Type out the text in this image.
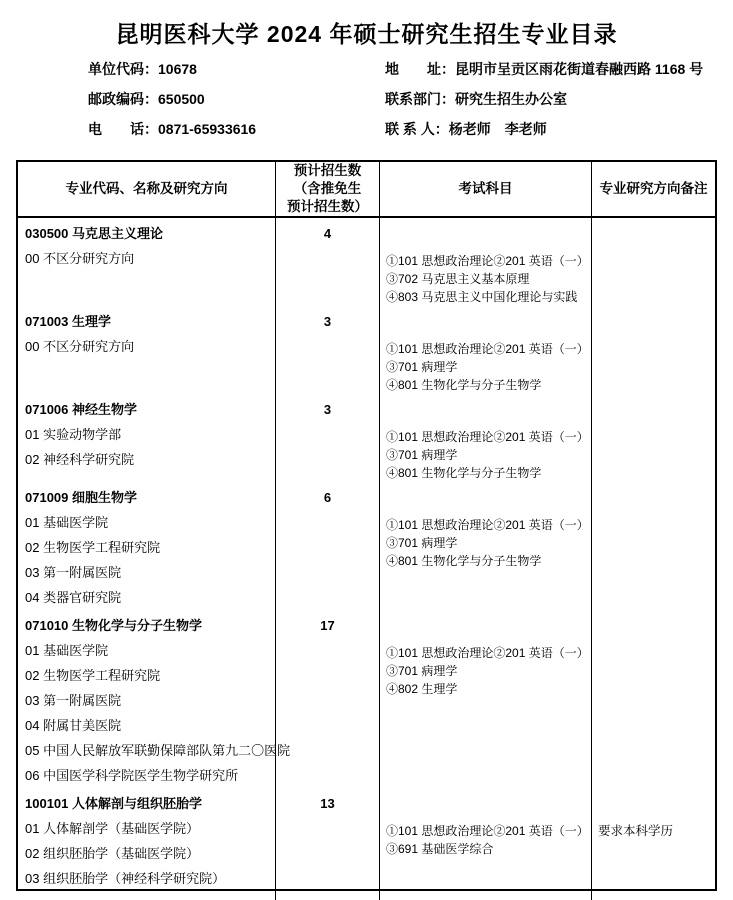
昆明医科大学 2024 年硕士研究生招生专业目录
单位代码：10678
邮政编码：650500
电　　话：0871-65933616
地　　址：昆明市呈贡区雨花街道春融西路 1168 号
联系部门：研究生招生办公室
联 系 人：杨老师　李老师
专业代码、名称及研究方向
预计招生数
（含推免生
预计招生数）
考试科目	专业研究方向备注
030500 马克思主义理论
00 不区分研究方向
4
①101 思想政治理论②201 英语（一）
③702 马克思主义基本原理
④803 马克思主义中国化理论与实践
071003 生理学
00 不区分研究方向
3
①101 思想政治理论②201 英语（一）
③701 病理学
④801 生物化学与分子生物学
071006 神经生物学
01 实验动物学部
02 神经科学研究院
3
①101 思想政治理论②201 英语（一）
③701 病理学
④801 生物化学与分子生物学
071009 细胞生物学
01 基础医学院
02 生物医学工程研究院
03 第一附属医院
04 类器官研究院
6
①101 思想政治理论②201 英语（一）
③701 病理学
④801 生物化学与分子生物学
071010 生物化学与分子生物学
01 基础医学院
02 生物医学工程研究院
03 第一附属医院
04 附属甘美医院
05 中国人民解放军联勤保障部队第九二〇医院
06 中国医学科学院医学生物学研究所
17
①101 思想政治理论②201 英语（一）
③701 病理学
④802 生理学
100101 人体解剖与组织胚胎学
01 人体解剖学（基础医学院）
02 组织胚胎学（基础医学院）
03 组织胚胎学（神经科学研究院）
13
①101 思想政治理论②201 英语（一）
③691 基础医学综合
要求本科学历
